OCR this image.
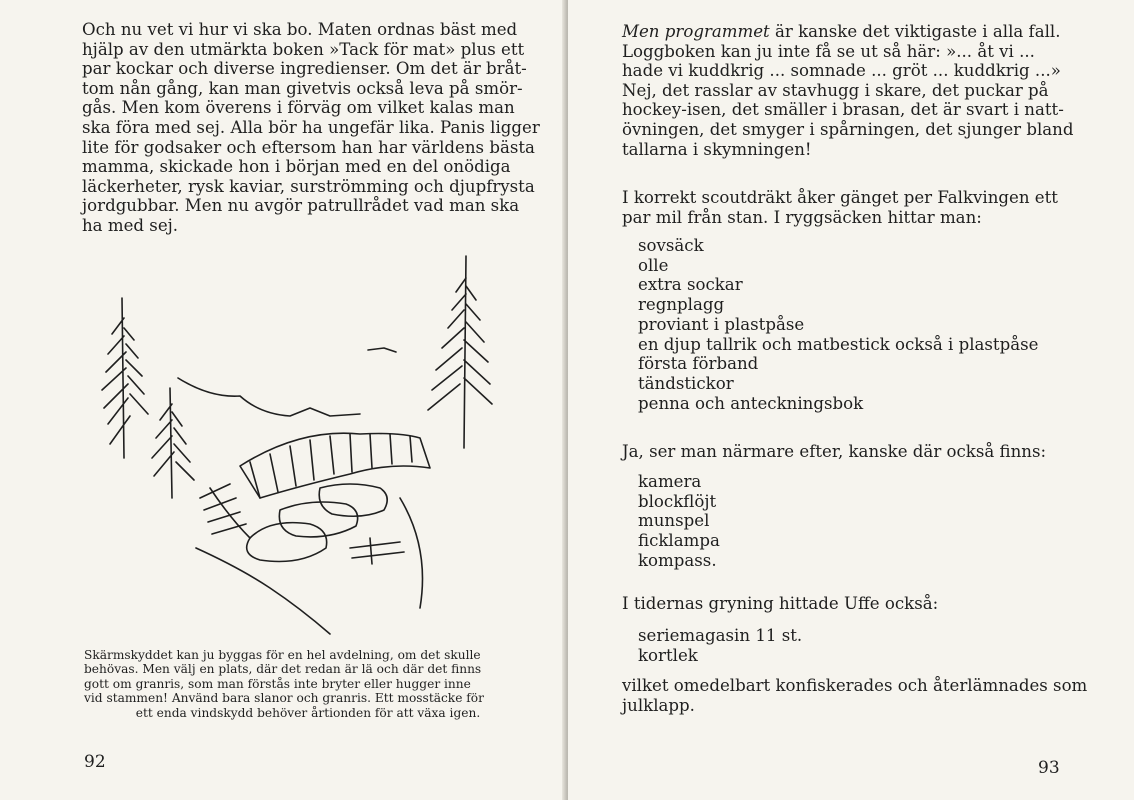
Och nu vet vi hur vi ska bo. Maten ordnas bäst med
hjälp av den utmärkta boken »Tack för mat» plus ett
par kockar och diverse ingredienser. Om det är bråt-
tom nån gång, kan man givetvis också leva på smör-
gås. Men kom överens i förväg om vilket kalas man
ska föra med sej. Alla bör ha ungefär lika. Panis ligger
lite för godsaker och eftersom han har världens bästa
mamma, skickade hon i början med en del onödiga
läckerheter, rysk kaviar, surströmming och djupfrysta
jordgubbar. Men nu avgör patrullrådet vad man ska
ha med sej.
Skärmskyddet kan ju byggas för en hel avdelning, om det skulle
behövas. Men välj en plats, där det redan är lä och där det finns
gott om granris, som man förstås inte bryter eller hugger inne
vid stammen! Använd bara slanor och granris. Ett mosstäcke för
ett enda vindskydd behöver årtionden för att växa igen.
92
Men programmet är kanske det viktigaste i alla fall.
Loggboken kan ju inte få se ut så här: »... åt vi ...
hade vi kuddkrig ... somnade ... gröt ... kuddkrig ...»
Nej, det rasslar av stavhugg i skare, det puckar på
hockey-isen, det smäller i brasan, det är svart i natt-
övningen, det smyger i spårningen, det sjunger bland
tallarna i skymningen!
I korrekt scoutdräkt åker gänget per Falkvingen ett
par mil från stan. I ryggsäcken hittar man:
sovsäck
olle
extra sockar
regnplagg
proviant i plastpåse
en djup tallrik och matbestick också i plastpåse
första förband
tändstickor
penna och anteckningsbok

Ja, ser man närmare efter, kanske där också finns:

kamera
blockflöjt
munspel
ficklampa
kompass.

I tidernas gryning hittade Uffe också:

seriemagasin 11 st.
kortlek
vilket omedelbart konfiskerades och återlämnades som
julklapp.
93
